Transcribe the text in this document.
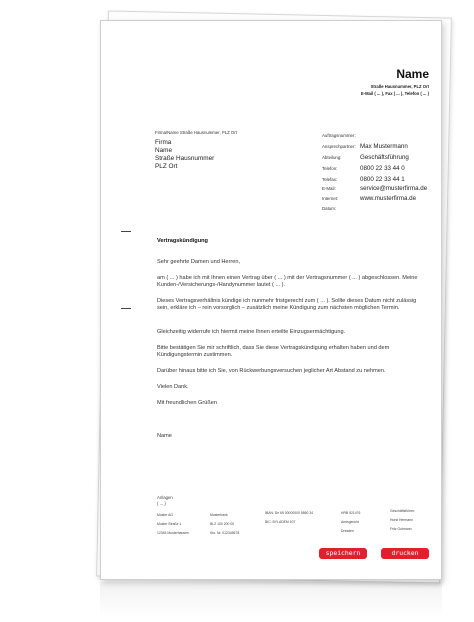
Name
Straße Hausnummer, PLZ Ort
E-Mail ( ... ), Fax ( ... ), Telefon ( ... )
Firma/Name Straße Hausnummer, PLZ Ort
Firma
Name
Straße Hausnummer
PLZ Ort
Auftragsnummer:
Ansprechpartner: Max Mustermann
Abteilung:	Geschäftsführung
Telefon:	0800 22 33 44 0
Telefax:	0800 22 33 44 1
E-Mail:	service@musterfirma.de
Internet:	www.musterfirma.de
Datum:
Vertragskündigung
Sehr geehrte Damen und Herren,
am ( ... ) habe ich mit Ihnen einen Vertrag über ( ... ) mit der Vertragsnummer ( ... ) abgeschlossen. Meine Kunden-/Versicherungs-/Handynummer lautet ( ... ).
Dieses Vertragsverhältnis kündige ich nunmehr fristgerecht zum ( ... ). Sollte dieses Datum nicht zulässig sein, erkläre ich – rein vorsorglich – zusätzlich meine Kündigung zum nächsten möglichen Termin.
Gleichzeitig widerrufe ich hiermit meine Ihnen erteilte Einzugsermächtigung.
Bitte bestätigen Sie mir schriftlich, dass Sie diese Vertragskündigung erhalten haben und dem Kündigungstermin zustimmen.
Darüber hinaus bitte ich Sie, von Rückwerbungsversuchen jeglicher Art Abstand zu nehmen.
Vielen Dank.
Mit freundlichen Grüßen
Name
Anlagen
( ... )
Muster AG
Muster Straße 1
12345 Musterhausen
Musterbank
BLZ 100 200 00
Kto. Nr. 012345678
IBAN: De 65 00000000 5860 34
BIC: BYLADEM 407
HRB 521476
Amtsgericht
Dresden
Geschäftsführer:
Horst Hermann
Fritz Gutmann
speichern	drucken
